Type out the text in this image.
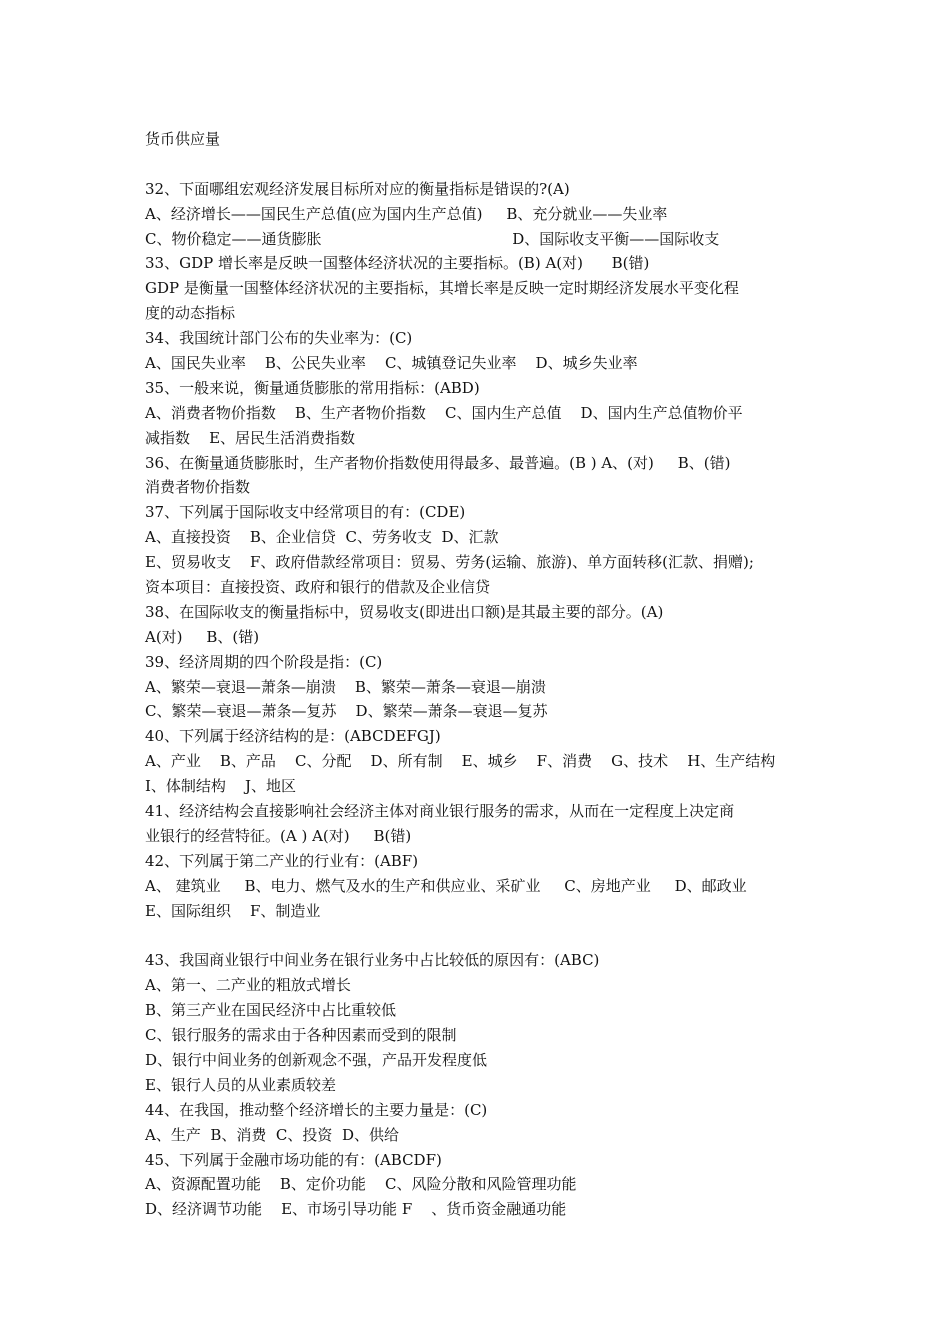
货币供应量
32、下面哪组宏观经济发展目标所对应的衡量指标是错误的?(A)
A、经济增长——国民生产总值(应为国内生产总值)     B、充分就业——失业率
C、物价稳定——通货膨胀                                        D、国际收支平衡——国际收支
33、GDP 增长率是反映一国整体经济状况的主要指标。(B) A(对)      B(错)
GDP 是衡量一国整体经济状况的主要指标，其增长率是反映一定时期经济发展水平变化程
度的动态指标
34、我国统计部门公布的失业率为：(C)
A、国民失业率    B、公民失业率    C、城镇登记失业率    D、城乡失业率
35、一般来说，衡量通货膨胀的常用指标：(ABD)
A、消费者物价指数    B、生产者物价指数    C、国内生产总值    D、国内生产总值物价平
减指数    E、居民生活消费指数
36、在衡量通货膨胀时，生产者物价指数使用得最多、最普遍。(B ) A、(对)     B、(错)
消费者物价指数
37、下列属于国际收支中经常项目的有：(CDE)
A、直接投资    B、企业信贷  C、劳务收支  D、汇款
E、贸易收支    F、政府借款经常项目：贸易、劳务(运输、旅游)、单方面转移(汇款、捐赠);
资本项目：直接投资、政府和银行的借款及企业信贷
38、在国际收支的衡量指标中，贸易收支(即进出口额)是其最主要的部分。(A)
A(对)     B、(错)
39、经济周期的四个阶段是指：(C)
A、繁荣—衰退—萧条—崩溃    B、繁荣—萧条—衰退—崩溃
C、繁荣—衰退—萧条—复苏    D、繁荣—萧条—衰退—复苏
40、下列属于经济结构的是：(ABCDEFGJ)
A、产业    B、产品    C、分配    D、所有制    E、城乡    F、消费    G、技术    H、生产结构
I、体制结构    J、地区
41、经济结构会直接影响社会经济主体对商业银行服务的需求，从而在一定程度上决定商
业银行的经营特征。(A ) A(对)     B(错)
42、下列属于第二产业的行业有：(ABF)
A、 建筑业     B、电力、燃气及水的生产和供应业、采矿业     C、房地产业     D、邮政业
E、国际组织    F、制造业
43、我国商业银行中间业务在银行业务中占比较低的原因有：(ABC)
A、第一、二产业的粗放式增长
B、第三产业在国民经济中占比重较低
C、银行服务的需求由于各种因素而受到的限制
D、银行中间业务的创新观念不强，产品开发程度低
E、银行人员的从业素质较差
44、在我国，推动整个经济增长的主要力量是：(C)
A、生产  B、消费  C、投资  D、供给
45、下列属于金融市场功能的有：(ABCDF)
A、资源配置功能    B、定价功能    C、风险分散和风险管理功能
D、经济调节功能    E、市场引导功能 F    、货币资金融通功能
